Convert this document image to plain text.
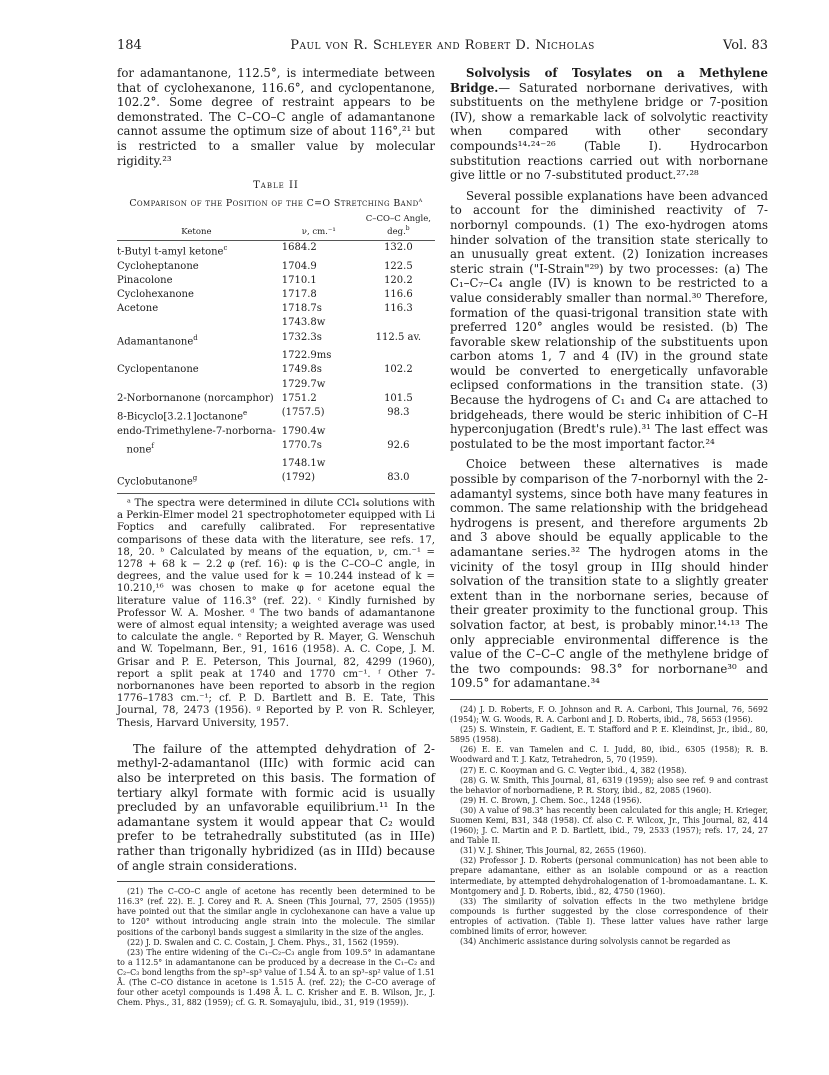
184	Paul von R. Schleyer and Robert D. Nicholas	Vol. 83

for adamantanone, 112.5°, is intermediate between that of cyclohexanone, 116.6°, and cyclopentanone, 102.2°. Some degree of restraint appears to be demonstrated. The C–CO–C angle of adamantanone cannot assume the optimum size of about 116°,²¹ but is restricted to a smaller value by molecular rigidity.²³

Table II
Comparison of the Position of the C=O Stretching Band$^a$
Ketone	ν, cm.⁻¹	C–CO–C Angle,
deg.$^b$
t-Butyl t-amyl ketone$^c$	1684.2	132.0
Cycloheptanone	1704.9	122.5
Pinacolone	1710.1	120.2
Cyclohexanone	1717.8	116.6
Acetone	1718.7s	116.3
	1743.8w	
Adamantanone$^d$	1732.3s	112.5 av.
	1722.9ms	
Cyclopentanone	1749.8s	102.2
	1729.7w	
2-Norbornanone (norcamphor)	1751.2	101.5
8-Bicyclo[3.2.1]octanone$^e$	(1757.5)	98.3
endo-Trimethylene-7-norborna-	1790.4w	
none$^f$	1770.7s	92.6
	1748.1w	
Cyclobutanone$^g$	(1792)	83.0

ᵃ The spectra were determined in dilute CCl₄ solutions with a Perkin-Elmer model 21 spectrophotometer equipped with Li Foptics and carefully calibrated. For representative comparisons of these data with the literature, see refs. 17, 18, 20. ᵇ Calculated by means of the equation, ν, cm.⁻¹ = 1278 + 68 k − 2.2 φ (ref. 16): φ is the C–CO–C angle, in degrees, and the value used for k = 10.244 instead of k = 10.210,¹⁶ was chosen to make φ for acetone equal the literature value of 116.3° (ref. 22). ᶜ Kindly furnished by Professor W. A. Mosher. ᵈ The two bands of adamantanone were of almost equal intensity; a weighted average was used to calculate the angle. ᵉ Reported by R. Mayer, G. Wenschuh and W. Topelmann, Ber., 91, 1616 (1958). A. C. Cope, J. M. Grisar and P. E. Peterson, This Journal, 82, 4299 (1960), report a split peak at 1740 and 1770 cm⁻¹. ᶠ Other 7-norbornanones have been reported to absorb in the region 1776–1783 cm.⁻¹; cf. P. D. Bartlett and B. E. Tate, This Journal, 78, 2473 (1956). ᵍ Reported by P. von R. Schleyer, Thesis, Harvard University, 1957.

The failure of the attempted dehydration of 2-methyl-2-adamantanol (IIIc) with formic acid can also be interpreted on this basis. The formation of tertiary alkyl formate with formic acid is usually precluded by an unfavorable equilibrium.¹¹ In the adamantane system it would appear that C₂ would prefer to be tetrahedrally substituted (as in IIIe) rather than trigonally hybridized (as in IIId) because of angle strain considerations.

(21) The C–CO–C angle of acetone has recently been determined to be 116.3° (ref. 22). E. J. Corey and R. A. Sneen (This Journal, 77, 2505 (1955)) have pointed out that the similar angle in cyclohexanone can have a value up to 120° without introducing angle strain into the molecule. The similar positions of the carbonyl bands suggest a similarity in the size of the angles.

(22) J. D. Swalen and C. C. Costain, J. Chem. Phys., 31, 1562 (1959).

(23) The entire widening of the C₁–C₂–C₃ angle from 109.5° in adamantane to a 112.5° in adamantanone can be produced by a decrease in the C₁–C₂ and C₂–C₃ bond lengths from the sp³–sp³ value of 1.54 Å. to an sp³–sp² value of 1.51 Å. (The C–CO distance in acetone is 1.515 Å. (ref. 22); the C–CO average of four other acetyl compounds is 1.498 Å. L. C. Krisher and E. B. Wilson, Jr., J. Chem. Phys., 31, 882 (1959); cf. G. R. Somayajulu, ibid., 31, 919 (1959)).

Solvolysis of Tosylates on a Methylene Bridge.— Saturated norbornane derivatives, with substituents on the methylene bridge or 7-position (IV), show a remarkable lack of solvolytic reactivity when compared with other secondary compounds¹⁴·²⁴⁻²⁶ (Table I). Hydrocarbon substitution reactions carried out with norbornane give little or no 7-substituted product.²⁷·²⁸

Several possible explanations have been advanced to account for the diminished reactivity of 7-norbornyl compounds. (1) The exo-hydrogen atoms hinder solvation of the transition state sterically to an unusually great extent. (2) Ionization increases steric strain ("I-Strain"²⁹) by two processes: (a) The C₁–C₇–C₄ angle (IV) is known to be restricted to a value considerably smaller than normal.³⁰ Therefore, formation of the quasi-trigonal transition state with preferred 120° angles would be resisted. (b) The favorable skew relationship of the substituents upon carbon atoms 1, 7 and 4 (IV) in the ground state would be converted to energetically unfavorable eclipsed conformations in the transition state. (3) Because the hydrogens of C₁ and C₄ are attached to bridgeheads, there would be steric inhibition of C–H hyperconjugation (Bredt's rule).³¹ The last effect was postulated to be the most important factor.²⁴

Choice between these alternatives is made possible by comparison of the 7-norbornyl with the 2-adamantyl systems, since both have many features in common. The same relationship with the bridgehead hydrogens is present, and therefore arguments 2b and 3 above should be equally applicable to the adamantane series.³² The hydrogen atoms in the vicinity of the tosyl group in IIIg should hinder solvation of the transition state to a slightly greater extent than in the norbornane series, because of their greater proximity to the functional group. This solvation factor, at best, is probably minor.¹⁴·¹³ The only appreciable environmental difference is the value of the C–C–C angle of the methylene bridge of the two compounds: 98.3° for norbornane³⁰ and 109.5° for adamantane.³⁴

(24) J. D. Roberts, F. O. Johnson and R. A. Carboni, This Journal, 76, 5692 (1954); W. G. Woods, R. A. Carboni and J. D. Roberts, ibid., 78, 5653 (1956).

(25) S. Winstein, F. Gadient, E. T. Stafford and P. E. Kleindinst, Jr., ibid., 80, 5895 (1958).

(26) E. E. van Tamelen and C. I. Judd, 80, ibid., 6305 (1958); R. B. Woodward and T. J. Katz, Tetrahedron, 5, 70 (1959).

(27) E. C. Kooyman and G. C. Vegter ibid., 4, 382 (1958).

(28) G. W. Smith, This Journal, 81, 6319 (1959); also see ref. 9 and contrast the behavior of norbornadiene, P. R. Story, ibid., 82, 2085 (1960).

(29) H. C. Brown, J. Chem. Soc., 1248 (1956).

(30) A value of 98.3° has recently been calculated for this angle; H. Krieger, Suomen Kemi, B31, 348 (1958). Cf. also C. F. Wilcox, Jr., This Journal, 82, 414 (1960); J. C. Martin and P. D. Bartlett, ibid., 79, 2533 (1957); refs. 17, 24, 27 and Table II.

(31) V. J. Shiner, This Journal, 82, 2655 (1960).

(32) Professor J. D. Roberts (personal communication) has not been able to prepare adamantane, either as an isolable compound or as a reaction intermediate, by attempted dehydrohalogenation of 1-bromoadamantane. L. K. Montgomery and J. D. Roberts, ibid., 82, 4750 (1960).

(33) The similarity of solvation effects in the two methylene bridge compounds is further suggested by the close correspondence of their entropies of activation. (Table I). These latter values have rather large combined limits of error, however.

(34) Anchimeric assistance during solvolysis cannot be regarded as
